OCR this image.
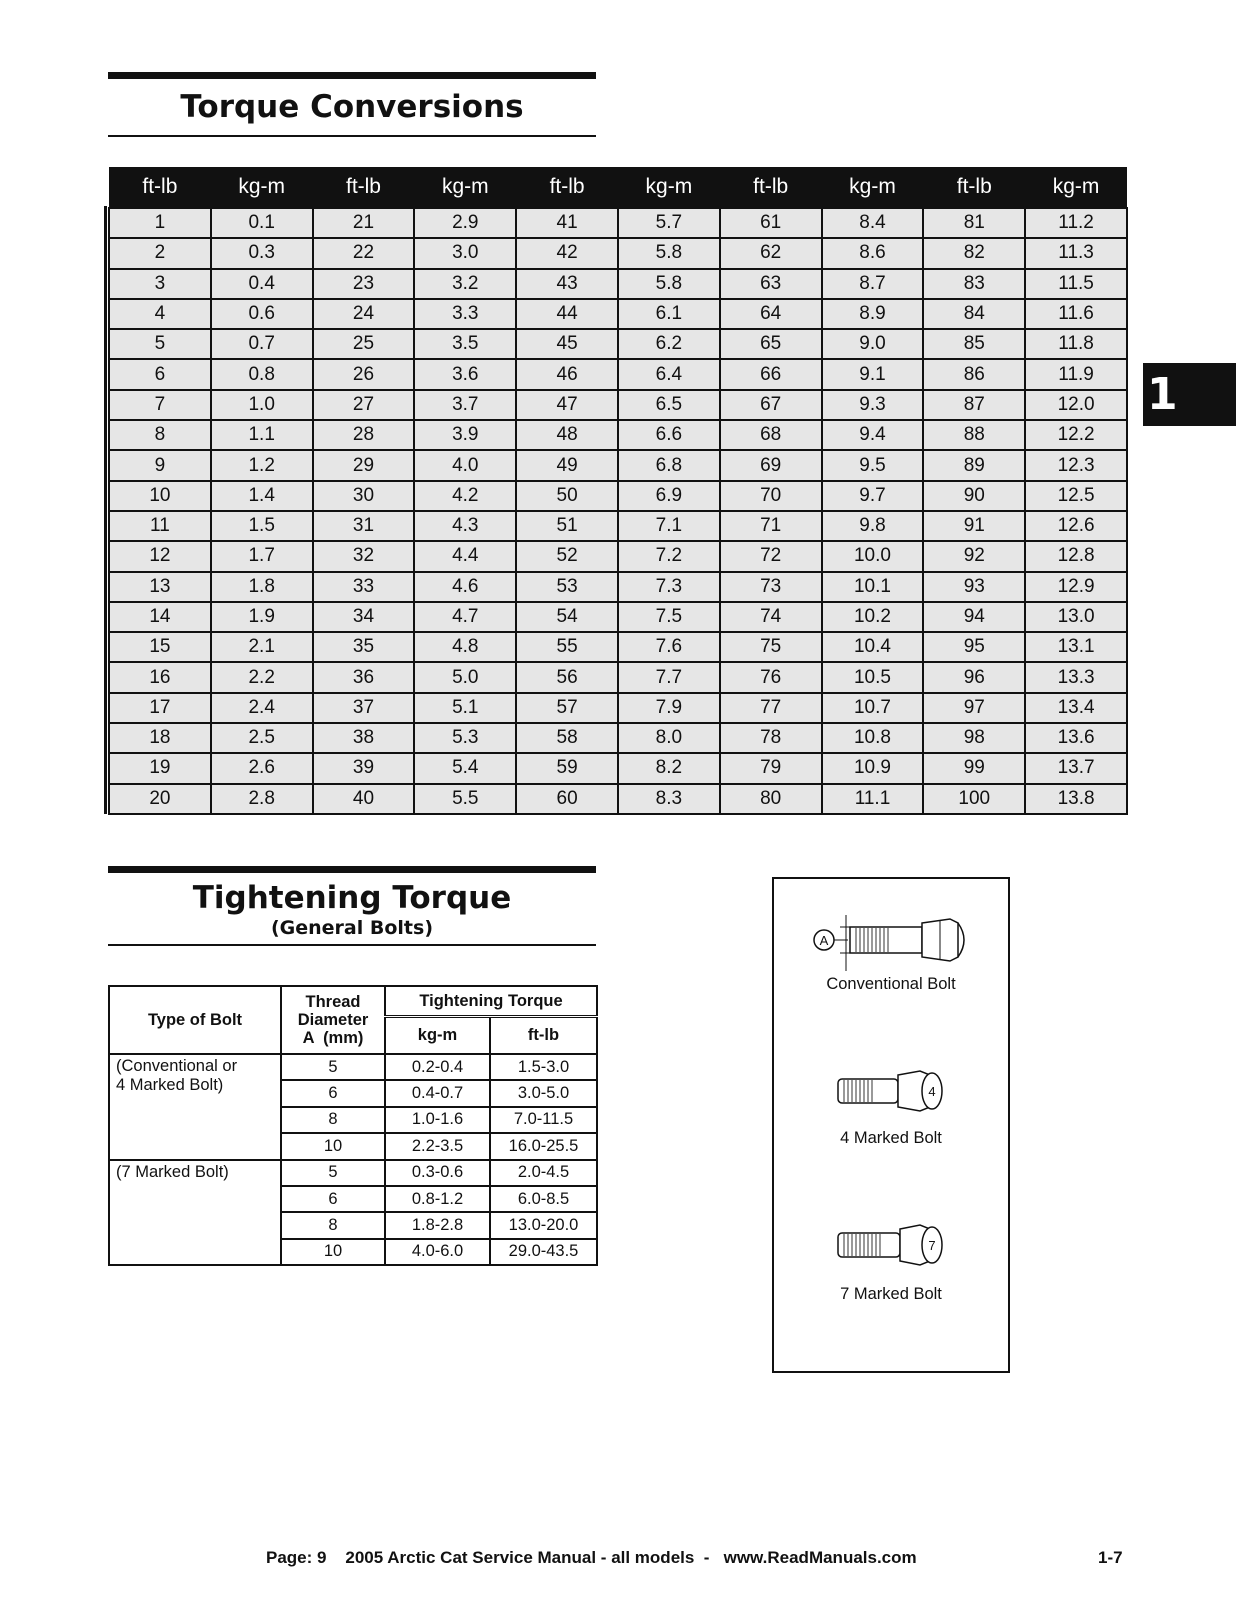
Torque Conversions
1
ft-lb	kg-m	ft-lb	kg-m	ft-lb	kg-m	ft-lb	kg-m	ft-lb	kg-m
1	0.1	21	2.9	41	5.7	61	8.4	81	11.2
2	0.3	22	3.0	42	5.8	62	8.6	82	11.3
3	0.4	23	3.2	43	5.8	63	8.7	83	11.5
4	0.6	24	3.3	44	6.1	64	8.9	84	11.6
5	0.7	25	3.5	45	6.2	65	9.0	85	11.8
6	0.8	26	3.6	46	6.4	66	9.1	86	11.9
7	1.0	27	3.7	47	6.5	67	9.3	87	12.0
8	1.1	28	3.9	48	6.6	68	9.4	88	12.2
9	1.2	29	4.0	49	6.8	69	9.5	89	12.3
10	1.4	30	4.2	50	6.9	70	9.7	90	12.5
11	1.5	31	4.3	51	7.1	71	9.8	91	12.6
12	1.7	32	4.4	52	7.2	72	10.0	92	12.8
13	1.8	33	4.6	53	7.3	73	10.1	93	12.9
14	1.9	34	4.7	54	7.5	74	10.2	94	13.0
15	2.1	35	4.8	55	7.6	75	10.4	95	13.1
16	2.2	36	5.0	56	7.7	76	10.5	96	13.3
17	2.4	37	5.1	57	7.9	77	10.7	97	13.4
18	2.5	38	5.3	58	8.0	78	10.8	98	13.6
19	2.6	39	5.4	59	8.2	79	10.9	99	13.7
20	2.8	40	5.5	60	8.3	80	11.1	100	13.8
Tightening Torque
(General Bolts)
Type of Bolt	Thread
Diameter
A  (mm)	Tightening Torque	
		kg-m	ft-lb

(Conventional or
4 Marked Bolt)	5	0.2-0.4	1.5-3.0
	6	0.4-0.7	3.0-5.0
	8	1.0-1.6	7.0-11.5
	10	2.2-3.5	16.0-25.5

(7 Marked Bolt)	5	0.3-0.6	2.0-4.5
	6	0.8-1.2	6.0-8.5
	8	1.8-2.8	13.0-20.0
	10	4.0-6.0	29.0-43.5
A
Conventional Bolt
4
4 Marked Bolt
7
7 Marked Bolt
Page: 9    2005 Arctic Cat Service Manual - all models  -   www.ReadManuals.com	1-7
